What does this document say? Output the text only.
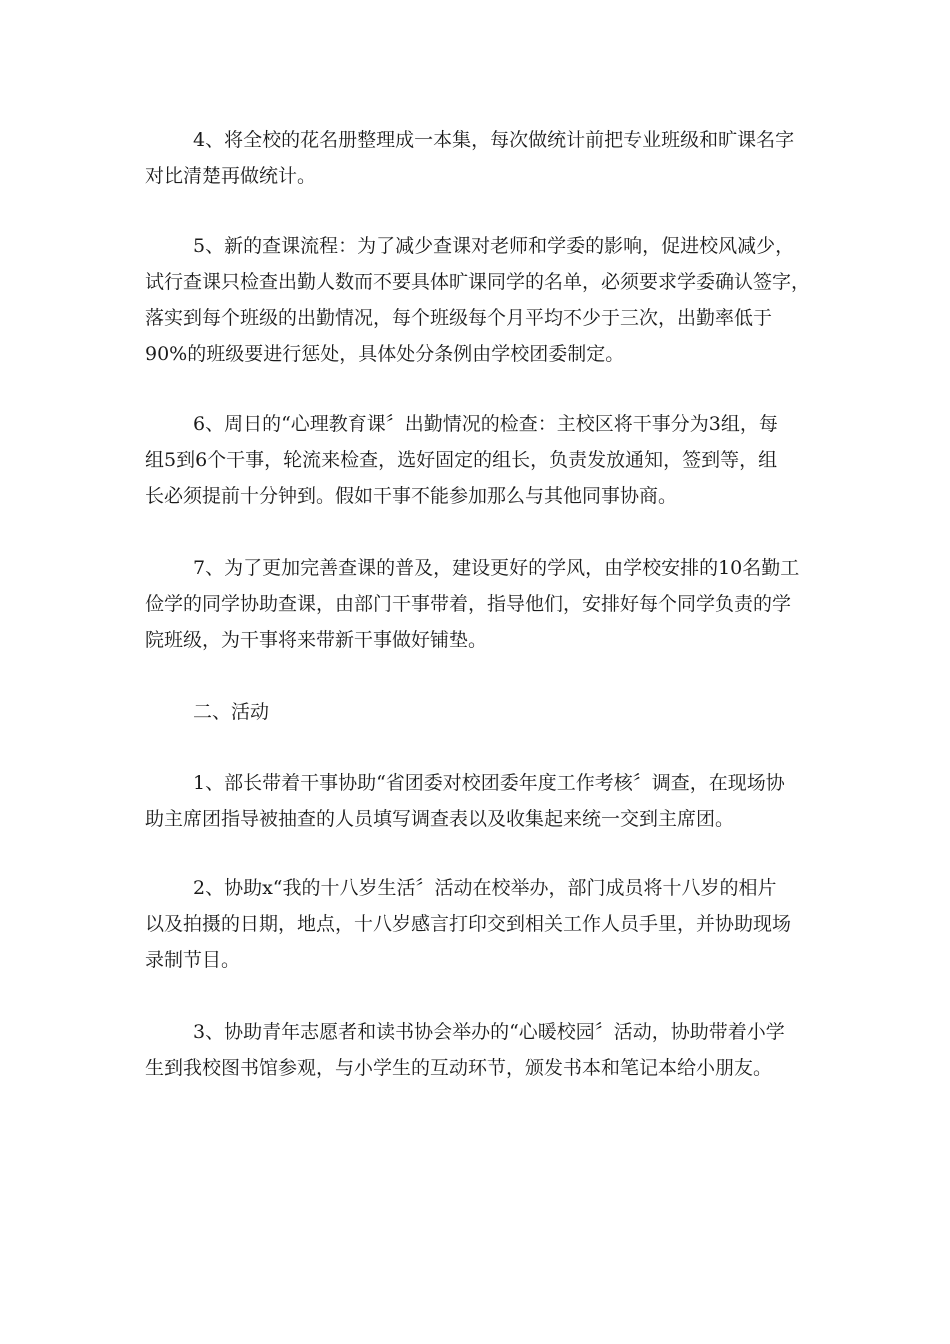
4、将全校的花名册整理成一本集，每次做统计前把专业班级和旷课名字
对比清楚再做统计。
5、新的查课流程：为了减少查课对老师和学委的影响，促进校风减少，
试行查课只检查出勤人数而不要具体旷课同学的名单，必须要求学委确认签字，
落实到每个班级的出勤情况，每个班级每个月平均不少于三次，出勤率低于
90%的班级要进行惩处，具体处分条例由学校团委制定。
6、周日的“心理教育课〞出勤情况的检查：主校区将干事分为3组，每
组5到6个干事，轮流来检查，选好固定的组长，负责发放通知，签到等，组
长必须提前十分钟到。假如干事不能参加那么与其他同事协商。
7、为了更加完善查课的普及，建设更好的学风，由学校安排的10名勤工
俭学的同学协助查课，由部门干事带着，指导他们，安排好每个同学负责的学
院班级，为干事将来带新干事做好铺垫。
二、活动
1、部长带着干事协助“省团委对校团委年度工作考核〞调查，在现场协
助主席团指导被抽查的人员填写调查表以及收集起来统一交到主席团。
2、协助x“我的十八岁生活〞活动在校举办，部门成员将十八岁的相片
以及拍摄的日期，地点，十八岁感言打印交到相关工作人员手里，并协助现场
录制节目。
3、协助青年志愿者和读书协会举办的“心暖校园〞活动，协助带着小学
生到我校图书馆参观，与小学生的互动环节，颁发书本和笔记本给小朋友。
